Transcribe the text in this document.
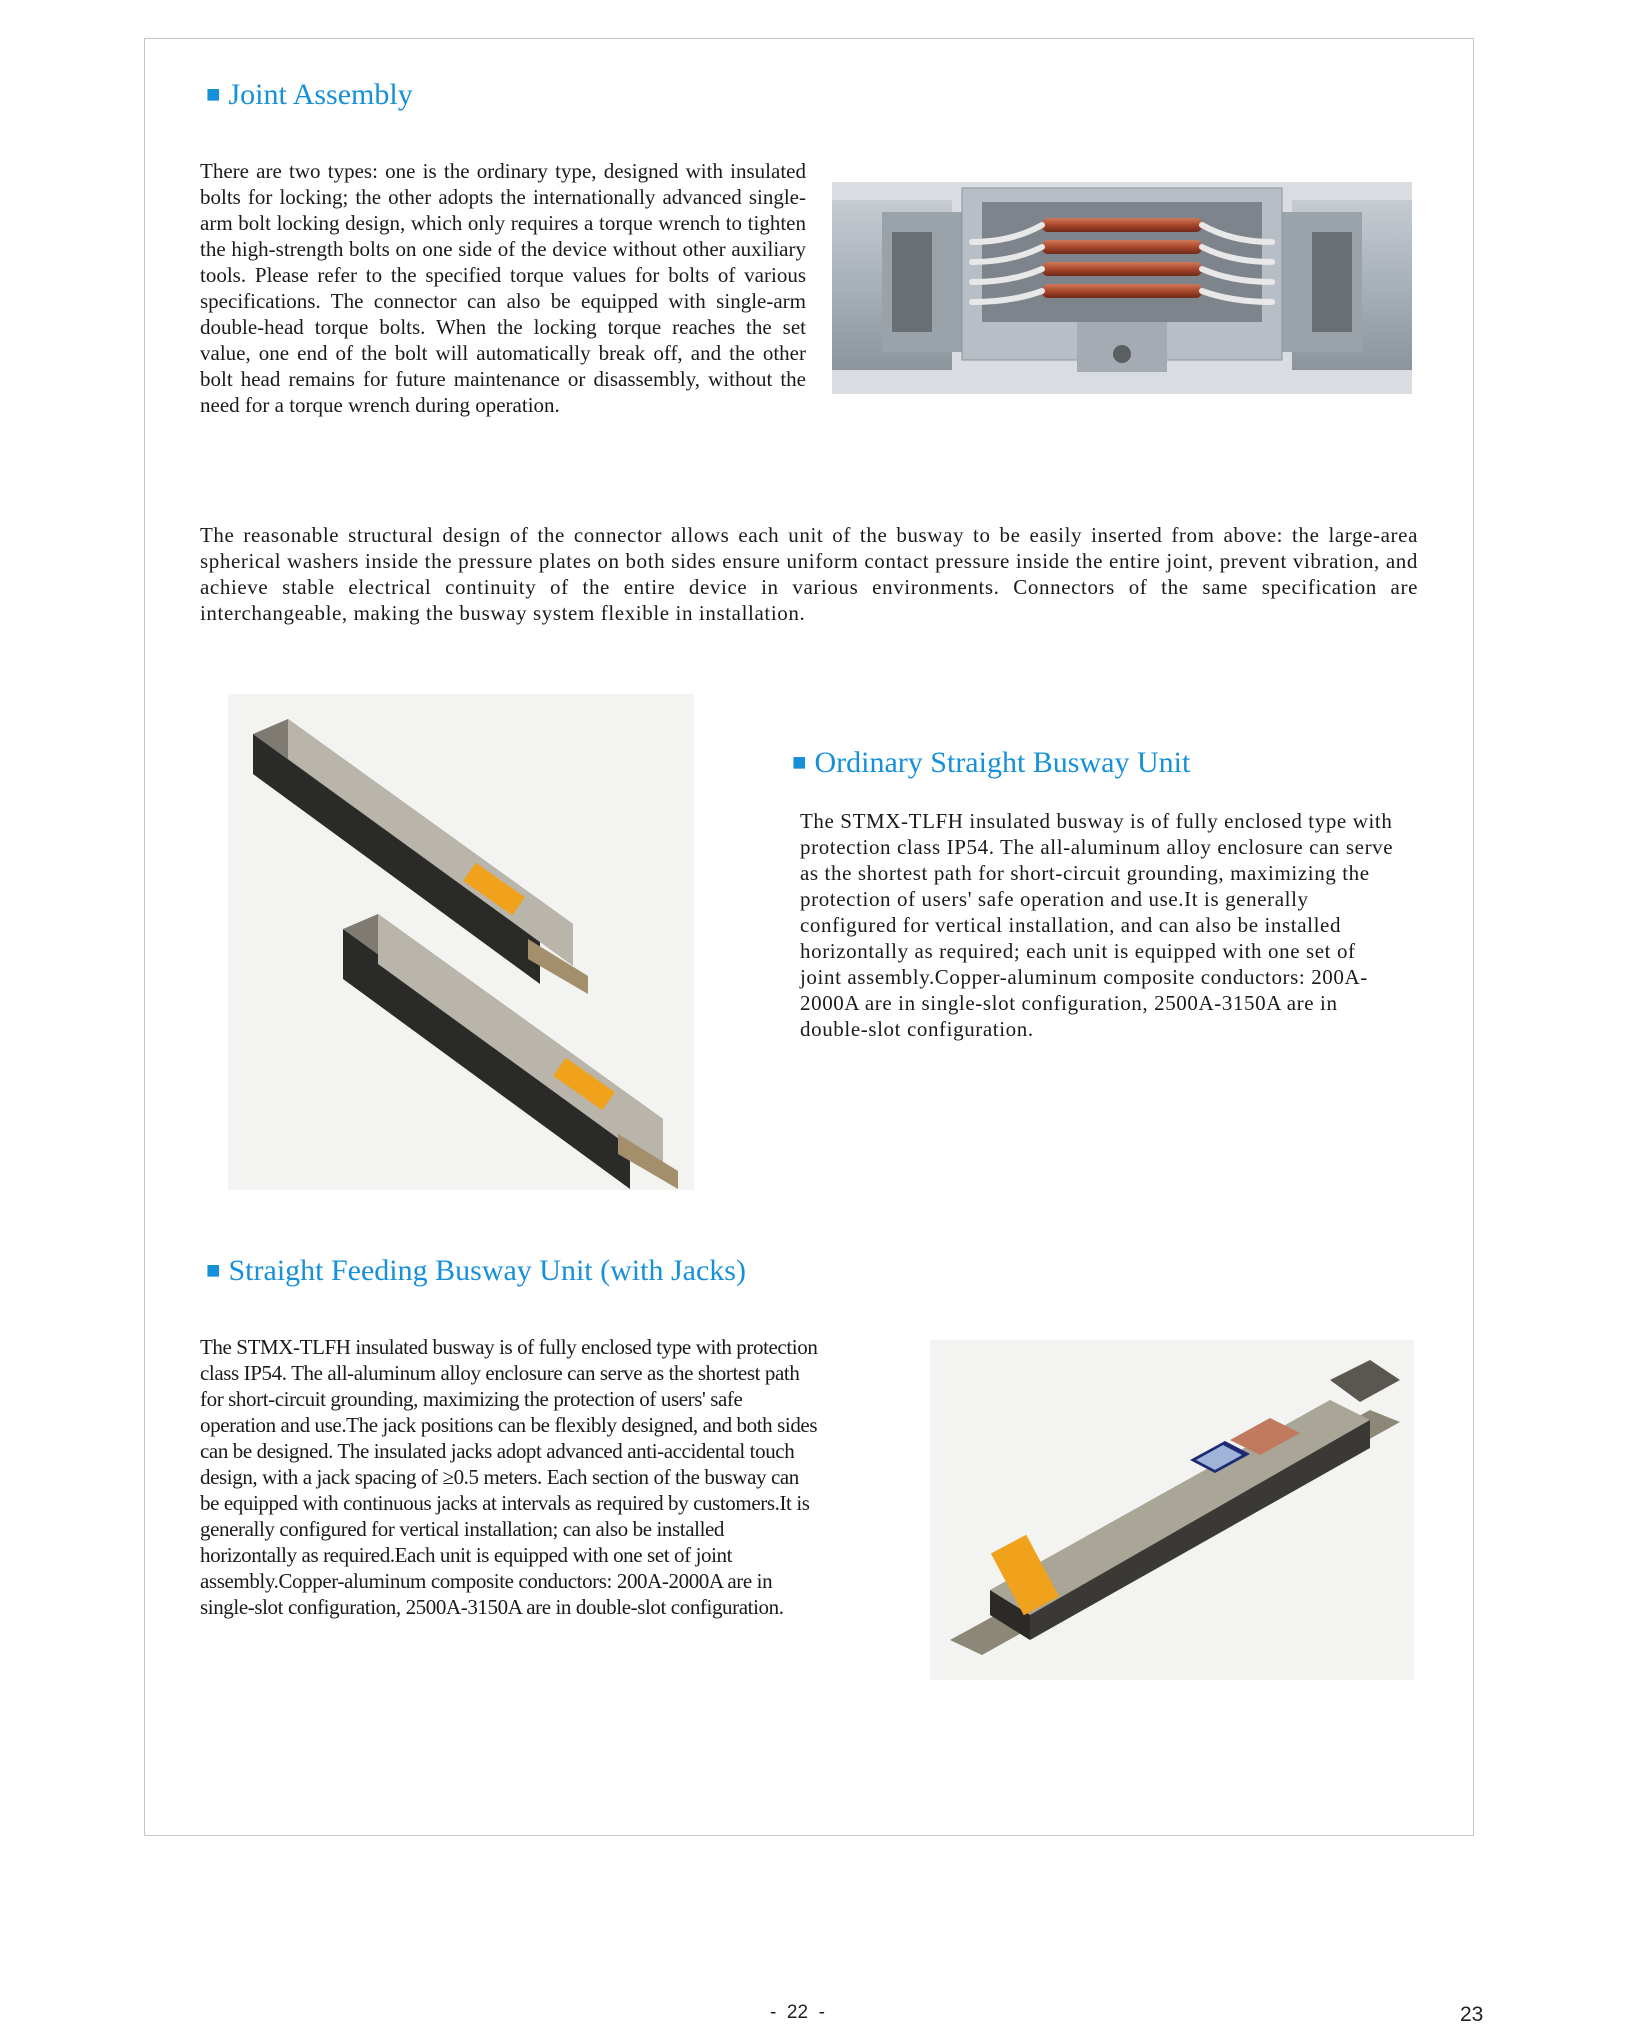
■ Joint Assembly

There are two types: one is the ordinary type, designed with insulated bolts for locking; the other adopts the internationally advanced single-arm bolt locking design, which only requires a torque wrench to tighten the high-strength bolts on one side of the device without other auxiliary tools. Please refer to the specified torque values for bolts of various specifications. The connector can also be equipped with single-arm double-head torque bolts. When the locking torque reaches the set value, one end of the bolt will automatically break off, and the other bolt head remains for future maintenance or disassembly, without the need for a torque wrench during operation.

The reasonable structural design of the connector allows each unit of the busway to be easily inserted from above: the large-area spherical washers inside the pressure plates on both sides ensure uniform contact pressure inside the entire joint, prevent vibration, and achieve stable electrical continuity of the entire device in various environments. Connectors of the same specification are interchangeable, making the busway system flexible in installation.

■ Ordinary Straight Busway Unit
The STMX-TLFH insulated busway is of fully enclosed type with
protection class IP54. The all-aluminum alloy enclosure can serve
as the shortest path for short-circuit grounding, maximizing the
protection of users' safe operation and use.It is generally
configured for vertical installation, and can also be installed
horizontally as required; each unit is equipped with one set of
joint assembly.Copper-aluminum composite conductors: 200A-
2000A are in single-slot configuration, 2500A-3150A are in
double-slot configuration.
■ Straight Feeding Busway Unit (with Jacks)
The STMX-TLFH insulated busway is of fully enclosed type with protection
class IP54. The all-aluminum alloy enclosure can serve as the shortest path
for short-circuit grounding, maximizing the protection of users' safe
operation and use.The jack positions can be flexibly designed, and both sides
can be designed. The insulated jacks adopt advanced anti-accidental touch
design, with a jack spacing of ≥0.5 meters. Each section of the busway can
be equipped with continuous jacks at intervals as required by customers.It is
generally configured for vertical installation; can also be installed
horizontally as required.Each unit is equipped with one set of joint
assembly.Copper-aluminum composite conductors: 200A-2000A are in
single-slot configuration, 2500A-3150A are in double-slot configuration.
-  22  -	23
